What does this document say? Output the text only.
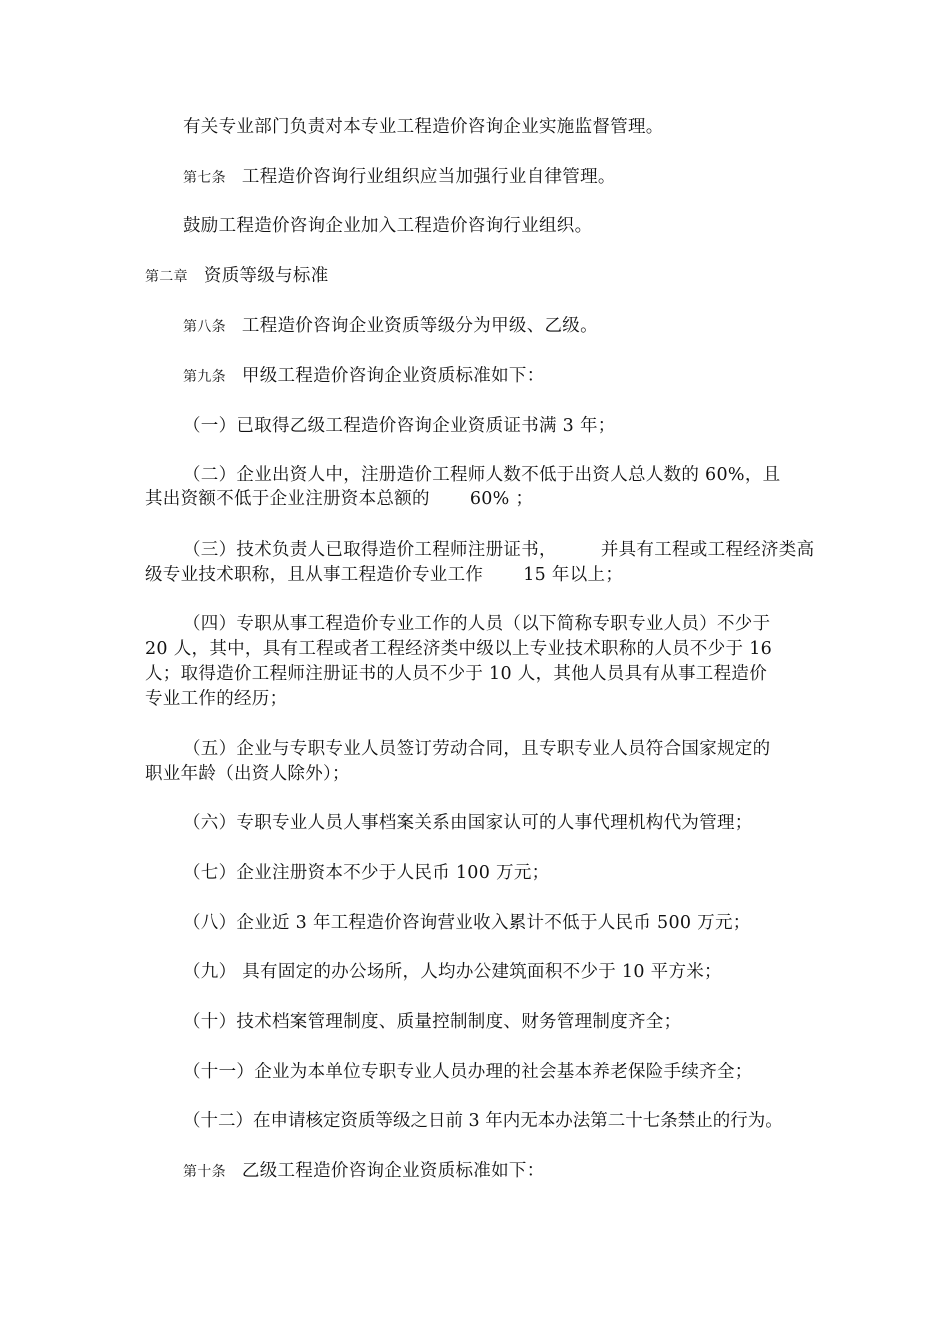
有关专业部门负责对本专业工程造价咨询企业实施监督管理。
第七条 工程造价咨询行业组织应当加强行业自律管理。
鼓励工程造价咨询企业加入工程造价咨询行业组织。
第二章 资质等级与标准
第八条 工程造价咨询企业资质等级分为甲级、乙级。
第九条 甲级工程造价咨询企业资质标准如下：
（一）已取得乙级工程造价咨询企业资质证书满 3 年；
（二）企业出资人中，注册造价工程师人数不低于出资人总人数的 60%，且
其出资额不低于企业注册资本总额的 60% ；
（三）技术负责人已取得造价工程师注册证书，	并具有工程或工程经济类高
级专业技术职称，且从事工程造价专业工作 15 年以上；
（四）专职从事工程造价专业工作的人员（以下简称专职专业人员）不少于
20 人，其中，具有工程或者工程经济类中级以上专业技术职称的人员不少于 16
人；取得造价工程师注册证书的人员不少于 10 人，其他人员具有从事工程造价
专业工作的经历；
（五）企业与专职专业人员签订劳动合同，且专职专业人员符合国家规定的
职业年龄（出资人除外）；
（六）专职专业人员人事档案关系由国家认可的人事代理机构代为管理；
（七）企业注册资本不少于人民币 100 万元；
（八）企业近 3 年工程造价咨询营业收入累计不低于人民币 500 万元；
（九） 具有固定的办公场所，人均办公建筑面积不少于 10 平方米；
（十）技术档案管理制度、质量控制制度、财务管理制度齐全；
（十一）企业为本单位专职专业人员办理的社会基本养老保险手续齐全；
（十二）在申请核定资质等级之日前 3 年内无本办法第二十七条禁止的行为。
第十条 乙级工程造价咨询企业资质标准如下：
